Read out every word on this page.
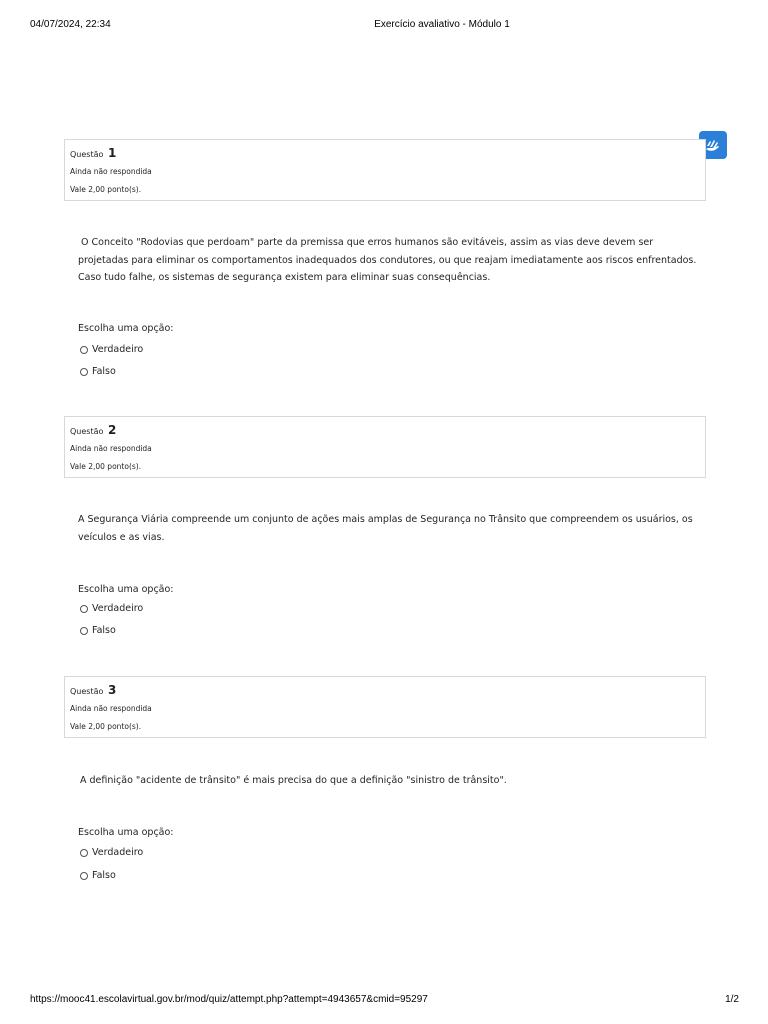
04/07/2024, 22:34	Exercício avaliativo - Módulo 1
Questão 1
Ainda não respondida
Vale 2,00 ponto(s).
O Conceito "Rodovias que perdoam" parte da premissa que erros humanos são evitáveis, assim as vias deve devem ser projetadas para eliminar os comportamentos inadequados dos condutores, ou que reajam imediatamente aos riscos enfrentados. Caso tudo falhe, os sistemas de segurança existem para eliminar suas consequências.
Escolha uma opção:
Verdadeiro
Falso
Questão 2
Ainda não respondida
Vale 2,00 ponto(s).
A Segurança Viária compreende um conjunto de ações mais amplas de Segurança no Trânsito que compreendem os usuários, os veículos e as vias.
Escolha uma opção:
Verdadeiro
Falso
Questão 3
Ainda não respondida
Vale 2,00 ponto(s).
A definição "acidente de trânsito" é mais precisa do que a definição "sinistro de trânsito".
Escolha uma opção:
Verdadeiro
Falso
https://mooc41.escolavirtual.gov.br/mod/quiz/attempt.php?attempt=4943657&cmid=95297	1/2
